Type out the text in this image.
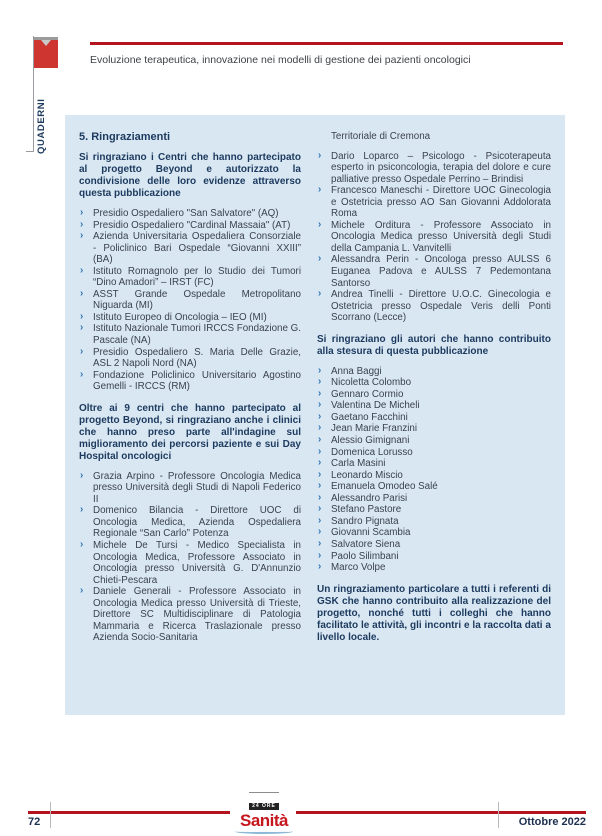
QUADERNI
Evoluzione terapeutica, innovazione nei modelli di gestione dei pazienti oncologici
5. Ringraziamenti
Si ringraziano i Centri che hanno partecipato al progetto Beyond e autorizzato la condivisione delle loro evidenze attraverso questa pubblicazione
› Presidio Ospedaliero "San Salvatore" (AQ)
› Presidio Ospedaliero "Cardinal Massaia" (AT)
› Azienda Universitaria Ospedaliera Consorziale - Policlinico Bari Ospedale “Giovanni XXIII” (BA)
› Istituto Romagnolo per lo Studio dei Tumori “Dino Amadori” – IRST (FC)
› ASST Grande Ospedale Metropolitano Niguarda (MI)
› Istituto Europeo di Oncologia – IEO (MI)
› Istituto Nazionale Tumori IRCCS Fondazione G. Pascale (NA)
› Presidio Ospedaliero S. Maria Delle Grazie, ASL 2 Napoli Nord (NA)
› Fondazione Policlinico Universitario Agostino Gemelli - IRCCS (RM)
Oltre ai 9 centri che hanno partecipato al progetto Beyond, si ringraziano anche i clinici che hanno preso parte all'indagine sul miglioramento dei percorsi paziente e sui Day Hospital oncologici
› Grazia Arpino - Professore Oncologia Medica presso Università degli Studi di Napoli Federico II
› Domenico Bilancia - Direttore UOC di Oncologia Medica, Azienda Ospedaliera Regionale “San Carlo” Potenza
› Michele De Tursi - Medico Specialista in Oncologia Medica, Professore Associato in Oncologia presso Università G. D'Annunzio Chieti-Pescara
› Daniele Generali - Professore Associato in Oncologia Medica presso Università di Trieste, Direttore SC Multidisciplinare di Patologia Mammaria e Ricerca Traslazionale presso Azienda Socio-Sanitaria
Territoriale di Cremona
› Dario Loparco – Psicologo - Psicoterapeuta esperto in psiconcologia, terapia del dolore e cure palliative presso Ospedale Perrino – Brindisi
› Francesco Maneschi - Direttore UOC Ginecologia e Ostetricia presso AO San Giovanni Addolorata Roma
› Michele Orditura - Professore Associato in Oncologia Medica presso Università degli Studi della Campania L. Vanvitelli
› Alessandra Perin - Oncologa presso AULSS 6 Euganea Padova e AULSS 7 Pedemontana Santorso
› Andrea Tinelli - Direttore U.O.C. Ginecologia e Ostetricia presso Ospedale Veris delli Ponti Scorrano (Lecce)
Si ringraziano gli autori che hanno contribuito alla stesura di questa pubblicazione
› Anna Baggi
› Nicoletta Colombo
› Gennaro Cormio
› Valentina De Micheli
› Gaetano Facchini
› Jean Marie Franzini
› Alessio Gimignani
› Domenica Lorusso
› Carla Masini
› Leonardo Miscio
› Emanuela Omodeo Salé
› Alessandro Parisi
› Stefano Pastore
› Sandro Pignata
› Giovanni Scambia
› Salvatore Siena
› Paolo Silimbani
› Marco Volpe
Un ringraziamento particolare a tutti i referenti di GSK che hanno contribuito alla realizzazione del progetto, nonché tutti i colleghi che hanno facilitato le attività, gli incontri e la raccolta dati a livello locale.
72	Ottobre 2022
24 ORE
Sanità
